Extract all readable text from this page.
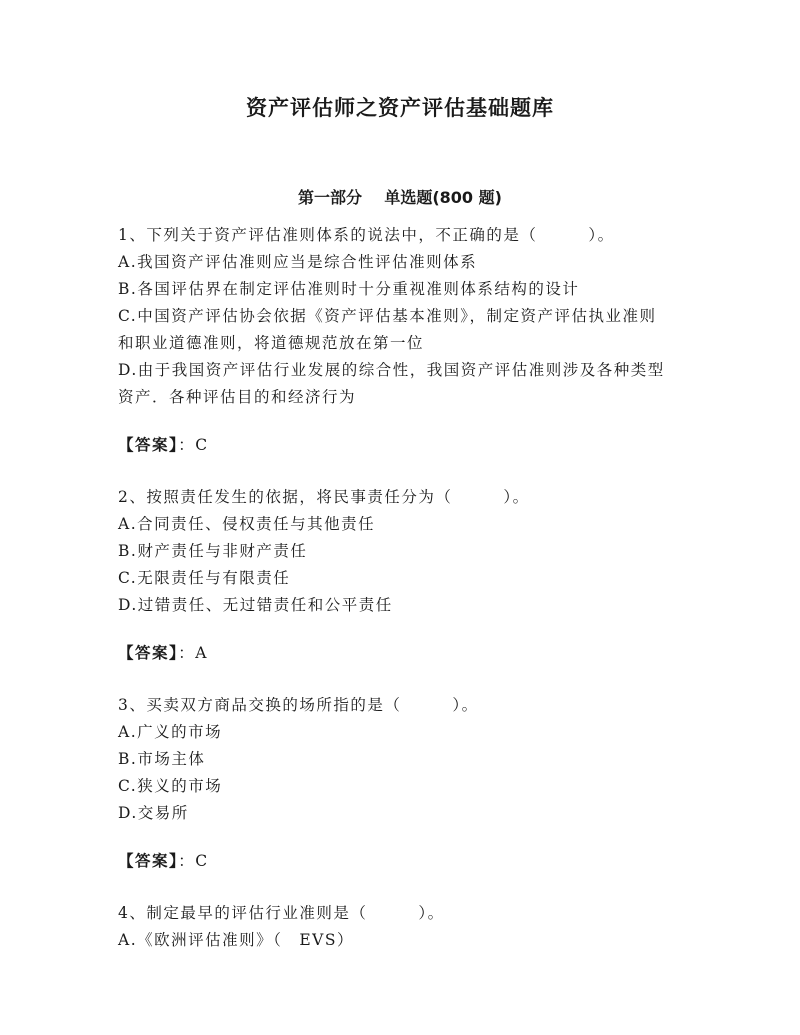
资产评估师之资产评估基础题库
第一部分    单选题(800 题)

1、下列关于资产评估准则体系的说法中，不正确的是（　　　）。

A.我国资产评估准则应当是综合性评估准则体系

B.各国评估界在制定评估准则时十分重视准则体系结构的设计

C.中国资产评估协会依据《资产评估基本准则》，制定资产评估执业准则和职业道德准则，将道德规范放在第一位

D.由于我国资产评估行业发展的综合性，我国资产评估准则涉及各种类型资产．各种评估目的和经济行为

【答案】：C

2、按照责任发生的依据，将民事责任分为（　　　）。

A.合同责任、侵权责任与其他责任

B.财产责任与非财产责任

C.无限责任与有限责任

D.过错责任、无过错责任和公平责任

【答案】：A

3、买卖双方商品交换的场所指的是（　　　）。

A.广义的市场

B.市场主体

C.狭义的市场

D.交易所

【答案】：C

4、制定最早的评估行业准则是（　　　）。

A.《欧洲评估准则》（　EVS）
